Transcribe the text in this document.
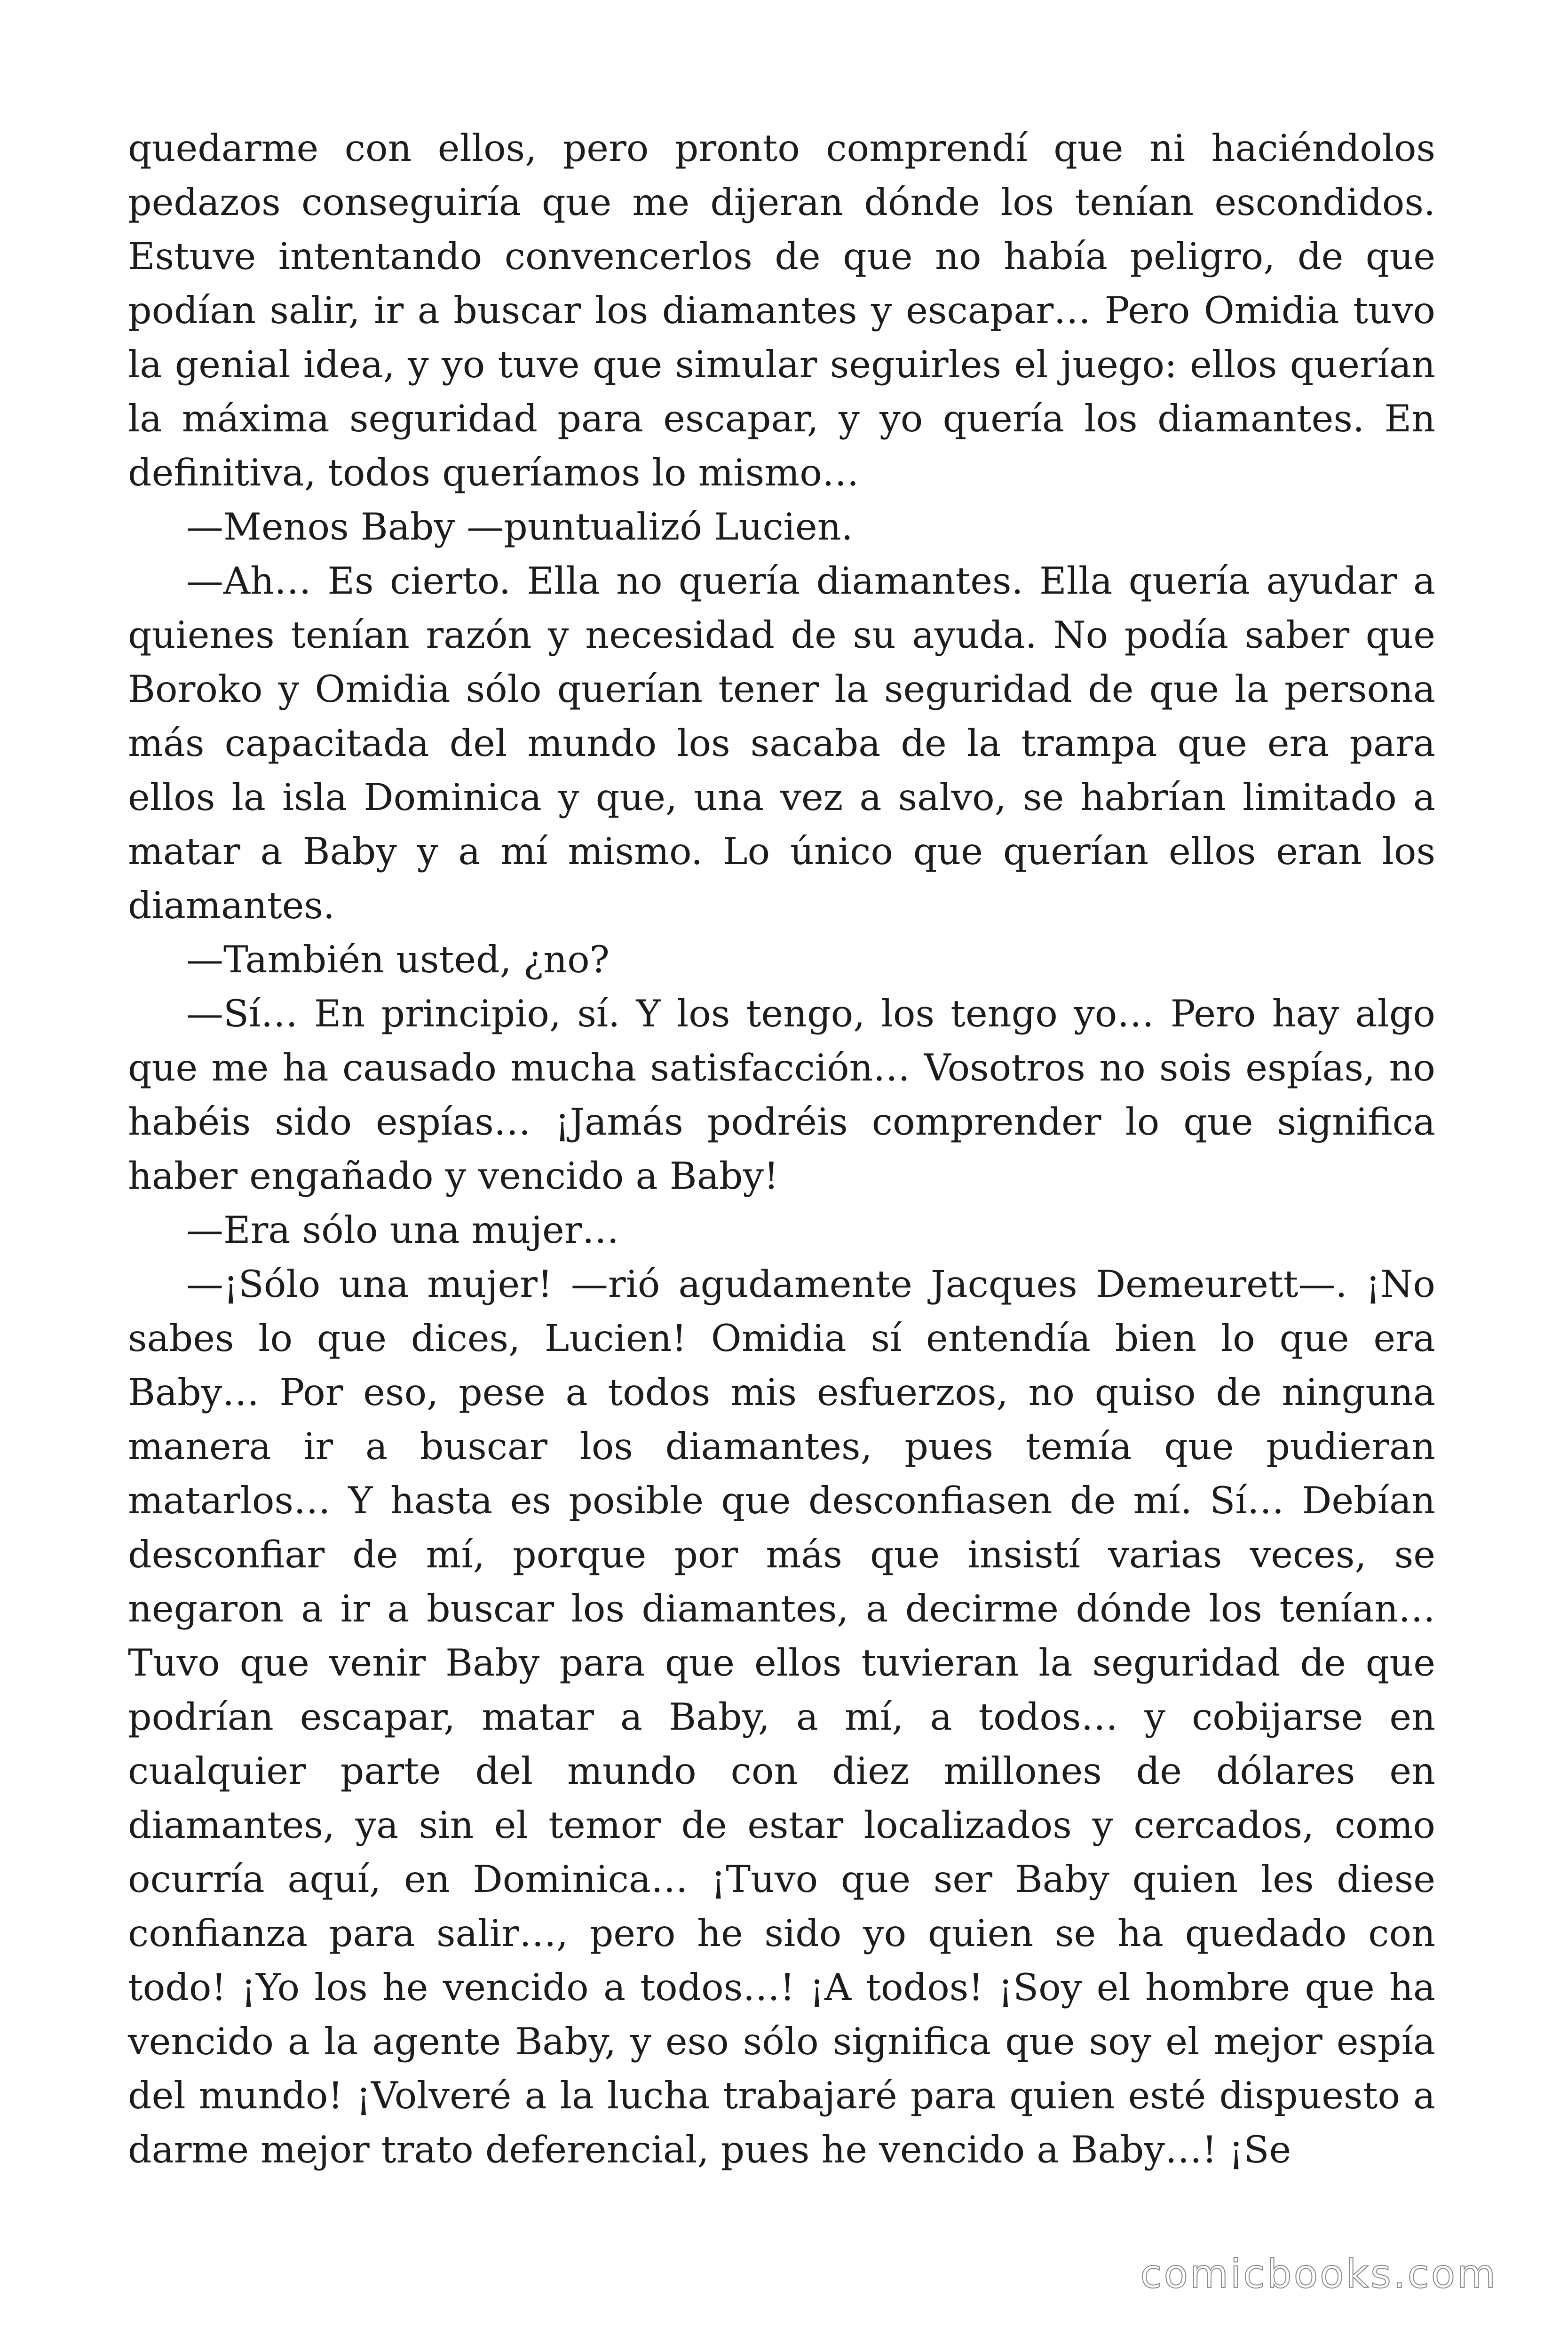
quedarme con ellos, pero pronto comprendí que ni haciéndolos pedazos conseguiría que me dijeran dónde los tenían escondidos. Estuve intentando convencerlos de que no había peligro, de que podían salir, ir a buscar los diamantes y escapar… Pero Omidia tuvo la genial idea, y yo tuve que simular seguirles el juego: ellos querían la máxima seguridad para escapar, y yo quería los diamantes. En definitiva, todos queríamos lo mismo…

—Menos Baby —puntualizó Lucien.

—Ah… Es cierto. Ella no quería diamantes. Ella quería ayudar a quienes tenían razón y necesidad de su ayuda. No podía saber que Boroko y Omidia sólo querían tener la seguridad de que la persona más capacitada del mundo los sacaba de la trampa que era para ellos la isla Dominica y que, una vez a salvo, se habrían limitado a matar a Baby y a mí mismo. Lo único que querían ellos eran los diamantes.

—También usted, ¿no?

—Sí… En principio, sí. Y los tengo, los tengo yo… Pero hay algo que me ha causado mucha satisfacción… Vosotros no sois espías, no habéis sido espías… ¡Jamás podréis comprender lo que significa haber engañado y vencido a Baby!

—Era sólo una mujer…

—¡Sólo una mujer! —rió agudamente Jacques Demeurett—. ¡No sabes lo que dices, Lucien! Omidia sí entendía bien lo que era Baby… Por eso, pese a todos mis esfuerzos, no quiso de ninguna manera ir a buscar los diamantes, pues temía que pudieran matarlos… Y hasta es posible que desconfiasen de mí. Sí… Debían desconfiar de mí, porque por más que insistí varias veces, se negaron a ir a buscar los diamantes, a decirme dónde los tenían… Tuvo que venir Baby para que ellos tuvieran la seguridad de que podrían escapar, matar a Baby, a mí, a todos… y cobijarse en cualquier parte del mundo con diez millones de dólares en diamantes, ya sin el temor de estar localizados y cercados, como ocurría aquí, en Dominica… ¡Tuvo que ser Baby quien les diese confianza para salir…, pero he sido yo quien se ha quedado con todo! ¡Yo los he vencido a todos…! ¡A todos! ¡Soy el hombre que ha vencido a la agente Baby, y eso sólo significa que soy el mejor espía del mundo! ¡Volveré a la lucha trabajaré para quien esté dispuesto a darme mejor trato deferencial, pues he vencido a Baby…! ¡Se

comicbooks.com
